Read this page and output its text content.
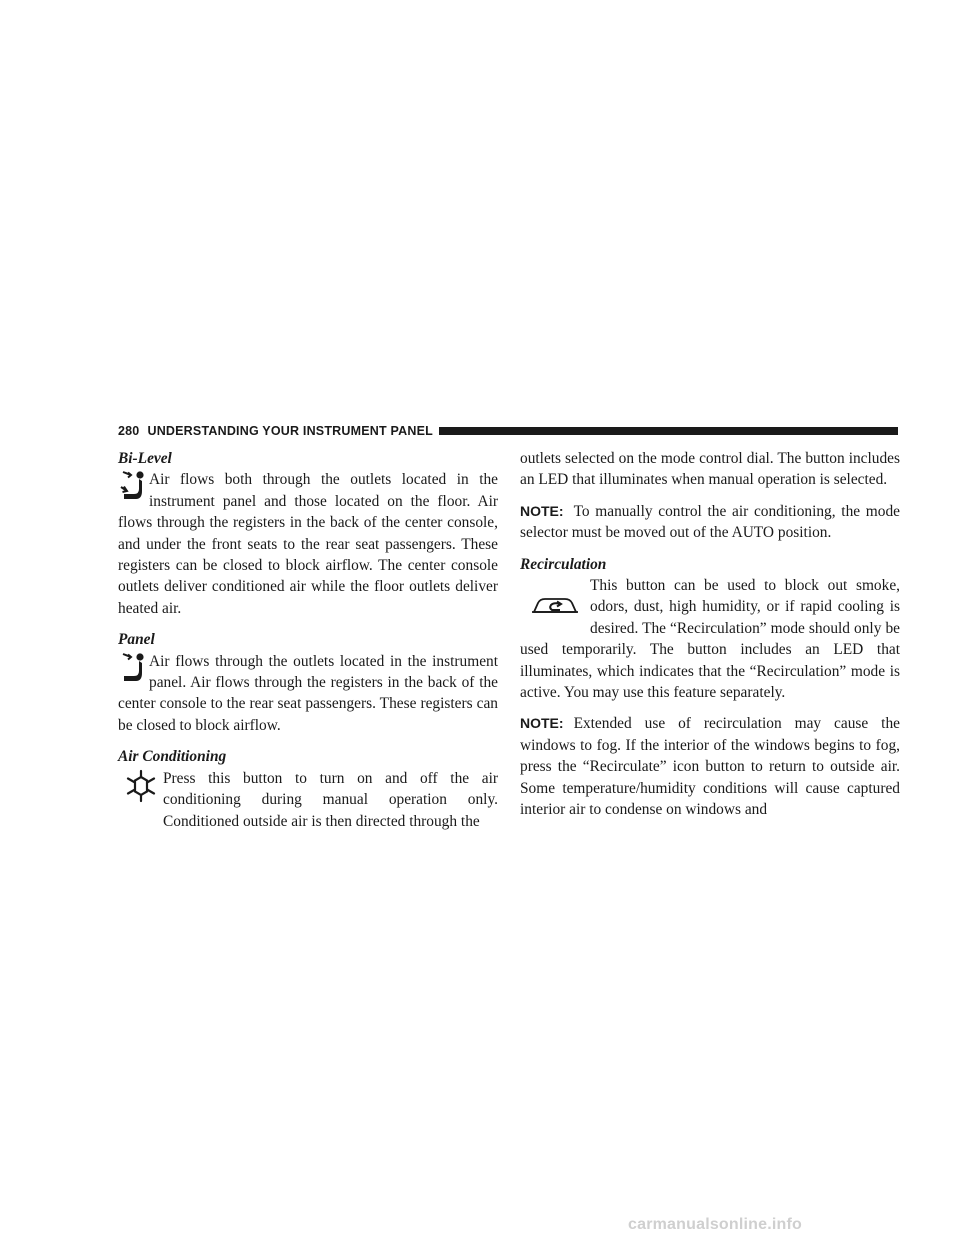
280 UNDERSTANDING YOUR INSTRUMENT PANEL
Bi-Level

Air flows both through the outlets located in the instrument panel and those located on the floor. Air flows through the registers in the back of the center console, and under the front seats to the rear seat passengers. These registers can be closed to block airflow. The center console outlets deliver conditioned air while the floor outlets deliver heated air.

Panel

Air flows through the outlets located in the instrument panel. Air flows through the registers in the back of the center console to the rear seat passengers. These registers can be closed to block airflow.

Air Conditioning

Press this button to turn on and off the air conditioning during manual operation only. Conditioned outside air is then directed through the

outlets selected on the mode control dial. The button includes an LED that illuminates when manual operation is selected.

NOTE: To manually control the air conditioning, the mode selector must be moved out of the AUTO position.

Recirculation

This button can be used to block out smoke, odors, dust, high humidity, or if rapid cooling is desired. The “Recirculation” mode should only be used temporarily. The button includes an LED that illuminates, which indicates that the “Recirculation” mode is active. You may use this feature separately.

NOTE: Extended use of recirculation may cause the windows to fog. If the interior of the windows begins to fog, press the “Recirculate” icon button to return to outside air. Some temperature/humidity conditions will cause captured interior air to condense on windows and

carmanualsonline.info
